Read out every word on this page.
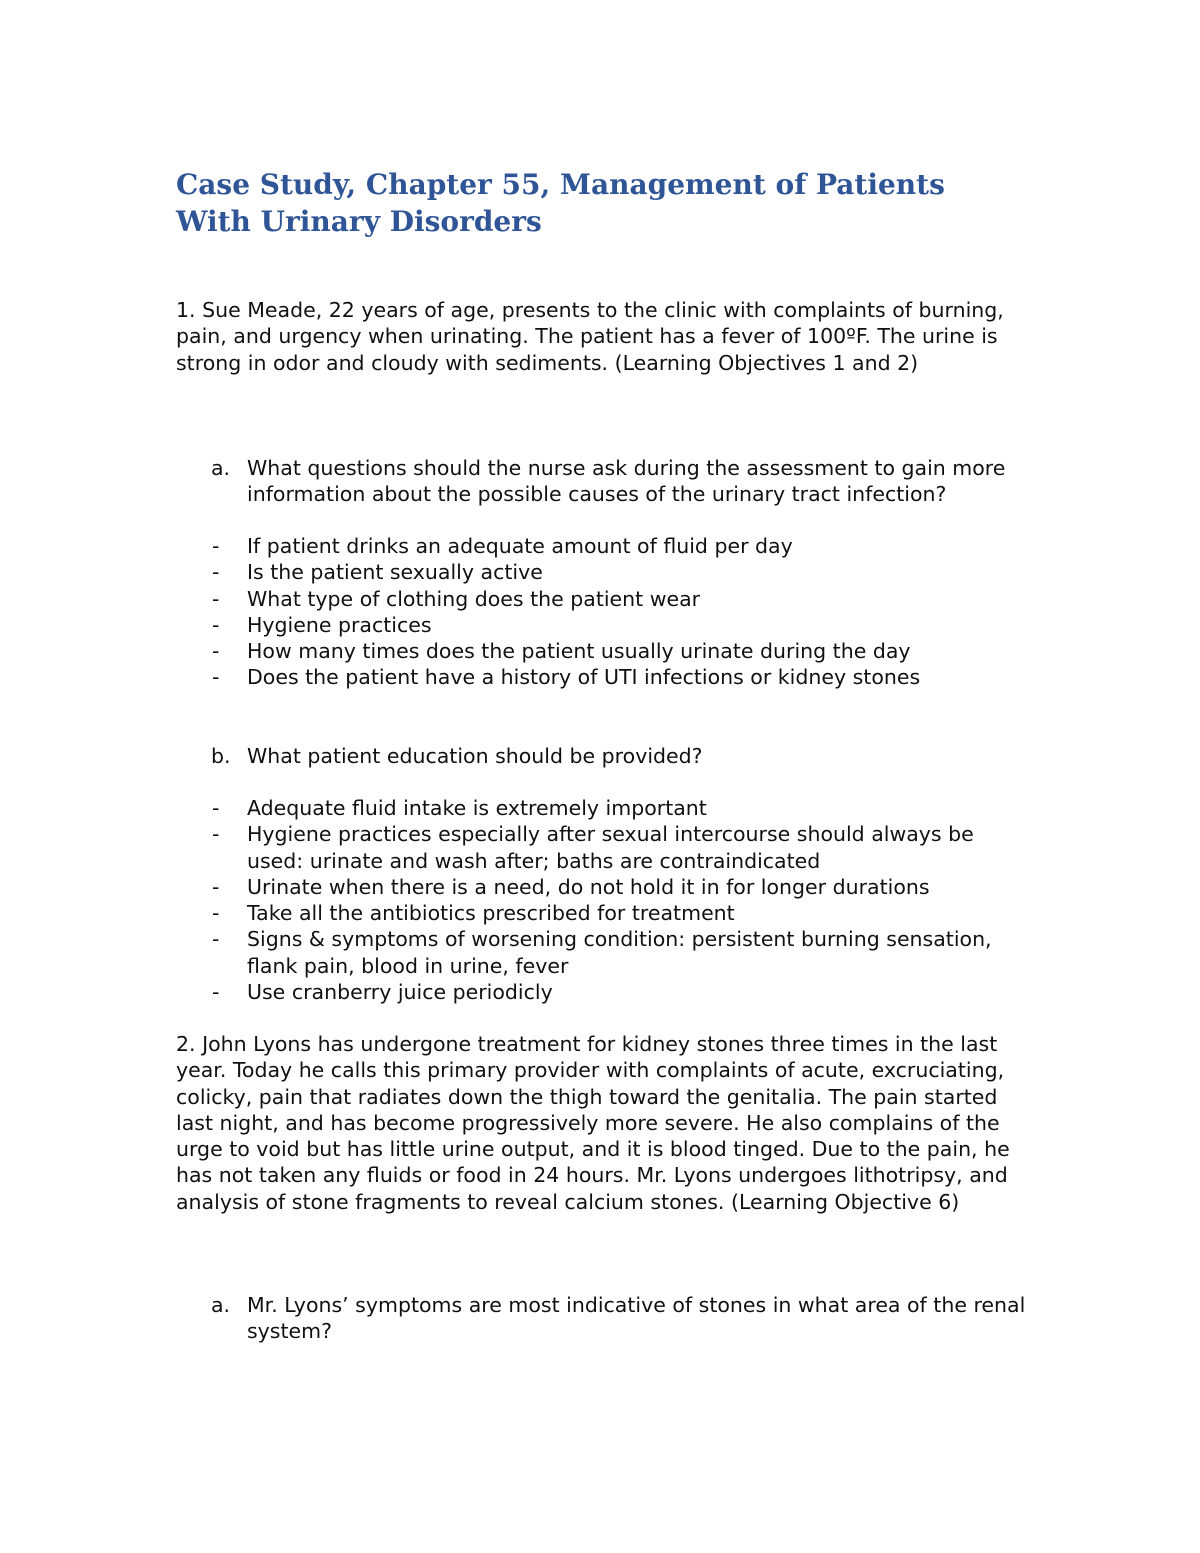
Case Study, Chapter 55, Management of Patients With Urinary Disorders

1. Sue Meade, 22 years of age, presents to the clinic with complaints of burning, pain, and urgency when urinating. The patient has a fever of 100ºF. The urine is strong in odor and cloudy with sediments. (Learning Objectives 1 and 2)

a. What questions should the nurse ask during the assessment to gain more information about the possible causes of the urinary tract infection?
- If patient drinks an adequate amount of fluid per day
- Is the patient sexually active
- What type of clothing does the patient wear
- Hygiene practices
- How many times does the patient usually urinate during the day
- Does the patient have a history of UTI infections or kidney stones
b. What patient education should be provided?
- Adequate fluid intake is extremely important
- Hygiene practices especially after sexual intercourse should always be used: urinate and wash after; baths are contraindicated
- Urinate when there is a need, do not hold it in for longer durations
- Take all the antibiotics prescribed for treatment
- Signs & symptoms of worsening condition: persistent burning sensation, flank pain, blood in urine, fever
- Use cranberry juice periodicly

2. John Lyons has undergone treatment for kidney stones three times in the last year. Today he calls this primary provider with complaints of acute, excruciating, colicky, pain that radiates down the thigh toward the genitalia. The pain started last night, and has become progressively more severe. He also complains of the urge to void but has little urine output, and it is blood tinged. Due to the pain, he has not taken any fluids or food in 24 hours. Mr. Lyons undergoes lithotripsy, and analysis of stone fragments to reveal calcium stones. (Learning Objective 6)

a. Mr. Lyons’ symptoms are most indicative of stones in what area of the renal system?
